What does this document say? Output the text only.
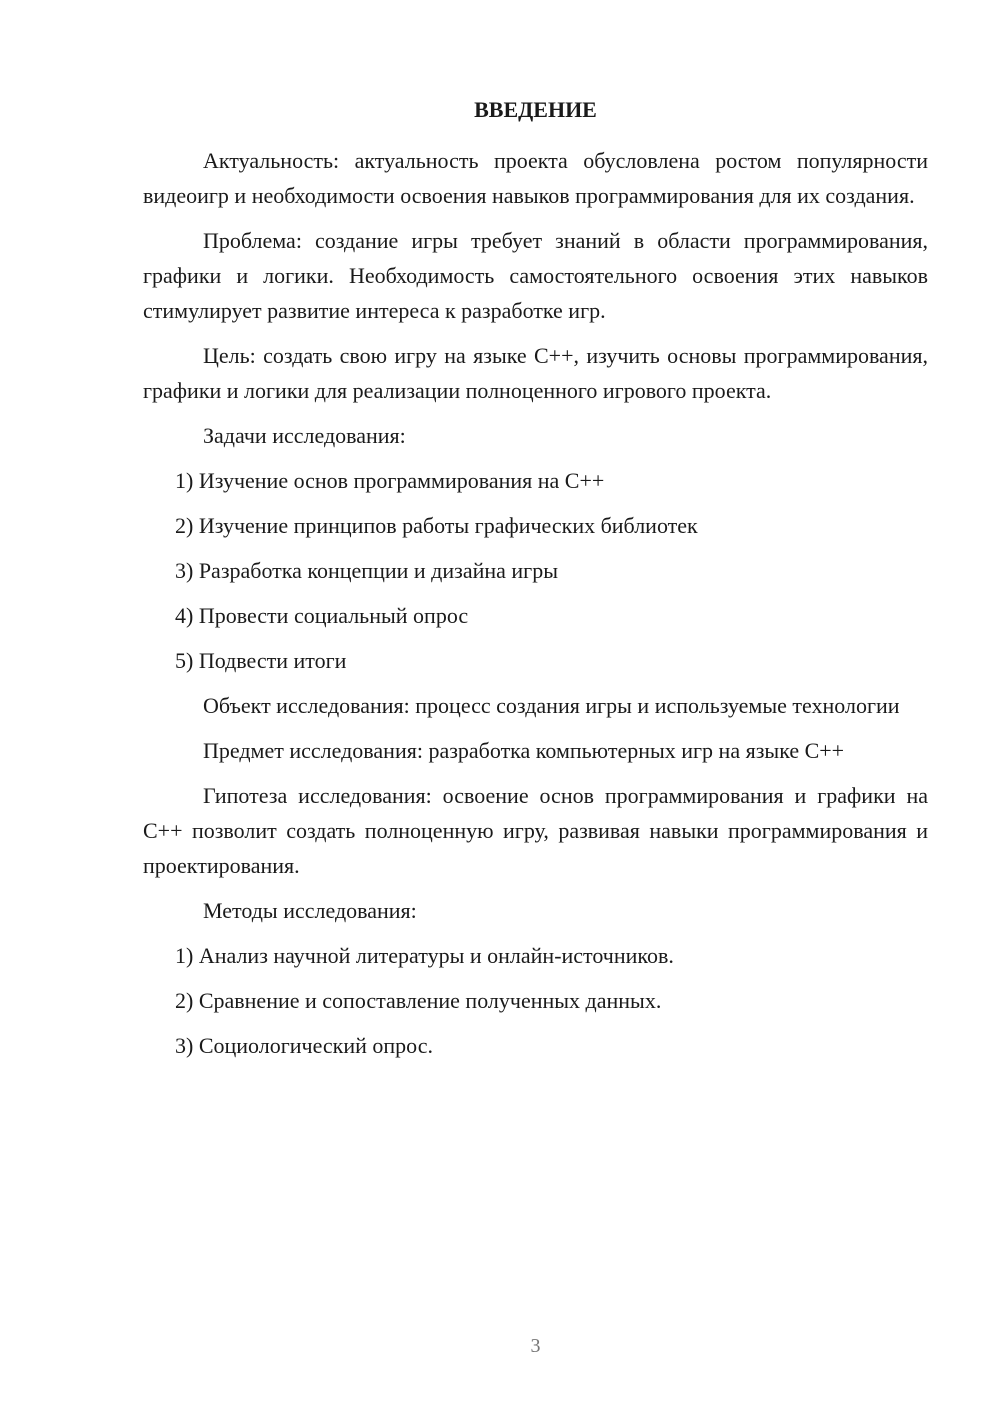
ВВЕДЕНИЕ

Актуальность: актуальность проекта обусловлена ростом популярности видеоигр и необходимости освоения навыков программирования для их создания.

Проблема: создание игры требует знаний в области программирования, графики и логики. Необходимость самостоятельного освоения этих навыков стимулирует развитие интереса к разработке игр.

Цель: создать свою игру на языке C++, изучить основы программирования, графики и логики для реализации полноценного игрового проекта.

Задачи исследования:

1) Изучение основ программирования на C++
2) Изучение принципов работы графических библиотек
3) Разработка концепции и дизайна игры
4) Провести социальный опрос
5) Подвести итоги

Объект исследования: процесс создания игры и используемые технологии

Предмет исследования: разработка компьютерных игр на языке C++

Гипотеза исследования: освоение основ программирования и графики на C++ позволит создать полноценную игру, развивая навыки программирования и проектирования.

Методы исследования:

1) Анализ научной литературы и онлайн-источников.
2) Сравнение и сопоставление полученных данных.
3) Социологический опрос.
3
